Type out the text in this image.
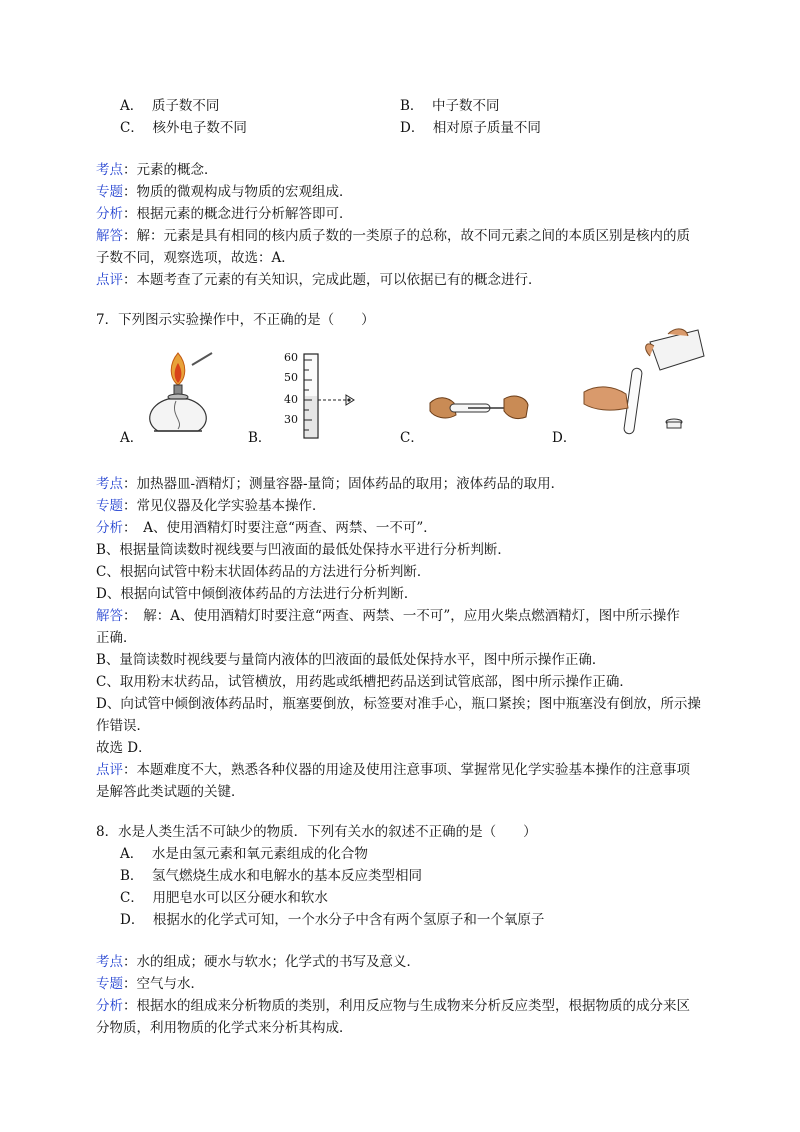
A． 质子数不同	B． 中子数不同
C． 核外电子数不同	D． 相对原子质量不同
考点：元素的概念．
专题：物质的微观构成与物质的宏观组成．
分析：根据元素的概念进行分析解答即可．
解答：解：元素是具有相同的核内质子数的一类原子的总称，故不同元素之间的本质区别是核内的质
子数不同，观察选项，故选：A．
点评：本题考查了元素的有关知识，完成此题，可以依据已有的概念进行．
7．下列图示实验操作中，不正确的是（　　）
A．
60
50
40
30
B．	C．	D．
考点：加热器皿-酒精灯；测量容器-量筒；固体药品的取用；液体药品的取用．
专题：常见仪器及化学实验基本操作．
分析：　A、使用酒精灯时要注意“两查、两禁、一不可”．
B、根据量筒读数时视线要与凹液面的最低处保持水平进行分析判断．
C、根据向试管中粉末状固体药品的方法进行分析判断．
D、根据向试管中倾倒液体药品的方法进行分析判断．
解答：　解：A、使用酒精灯时要注意“两查、两禁、一不可”，应用火柴点燃酒精灯，图中所示操作
正确．
B、量筒读数时视线要与量筒内液体的凹液面的最低处保持水平，图中所示操作正确．
C、取用粉末状药品，试管横放，用药匙或纸槽把药品送到试管底部，图中所示操作正确．
D、向试管中倾倒液体药品时，瓶塞要倒放，标签要对准手心，瓶口紧挨；图中瓶塞没有倒放，所示操
作错误．
故选 D．
点评：本题难度不大，熟悉各种仪器的用途及使用注意事项、掌握常见化学实验基本操作的注意事项
是解答此类试题的关键．
8．水是人类生活不可缺少的物质．下列有关水的叙述不正确的是（　　）
A． 水是由氢元素和氧元素组成的化合物
B． 氢气燃烧生成水和电解水的基本反应类型相同
C． 用肥皂水可以区分硬水和软水
D． 根据水的化学式可知，一个水分子中含有两个氢原子和一个氧原子
考点：水的组成；硬水与软水；化学式的书写及意义．
专题：空气与水．
分析：根据水的组成来分析物质的类别，利用反应物与生成物来分析反应类型，根据物质的成分来区
分物质，利用物质的化学式来分析其构成．
